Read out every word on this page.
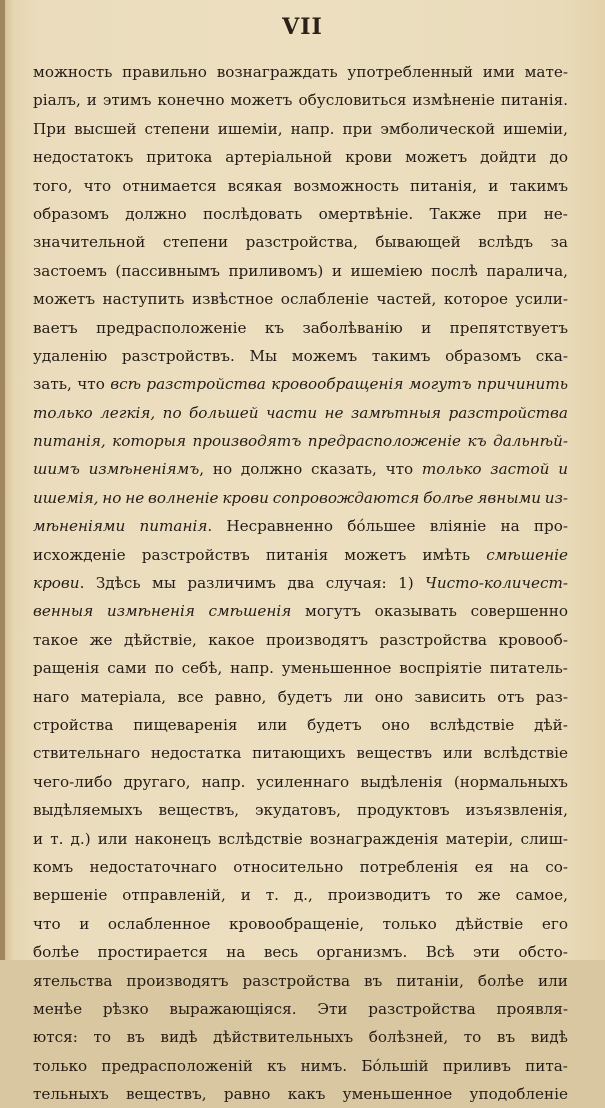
VII
можность правильно вознаграждать употребленный ими мате-
ріалъ, и этимъ конечно можетъ обусловиться измѣненіе питанія.
При высшей степени ишеміи, напр. при эмболической ишеміи,
недостатокъ притока артеріальной крови можетъ дойдти до
того, что отнимается всякая возможность питанія, и такимъ
образомъ должно послѣдовать омертвѣніе. Также при не-
значительной степени разстройства, бывающей вслѣдъ за
застоемъ (пассивнымъ приливомъ) и ишеміею послѣ паралича,
можетъ наступить извѣстное ослабленіе частей, которое усили-
ваетъ предрасположеніе къ заболѣванію и препятствуетъ
удаленію разстройствъ. Мы можемъ такимъ образомъ ска-
зать, что всѣ разстройства кровообращенія могутъ причинить
только легкія, по большей части не замѣтныя разстройства
питанія, которыя производятъ предрасположеніе къ дальнѣй-
шимъ измѣненіямъ, но должно сказать, что только застой и
ишемія, но не волненіе крови сопровождаются болѣе явными из-
мѣненіями питанія. Несравненно бóльшее вліяніе на про-
исхожденіе разстройствъ питанія можетъ имѣть смѣшеніе
крови. Здѣсь мы различимъ два случая: 1) Чисто-количест-
венныя измѣненія смѣшенія могутъ оказывать совершенно
такое же дѣйствіе, какое производятъ разстройства кровооб-
ращенія сами по себѣ, напр. уменьшенное воспріятіе питатель-
наго матеріала, все равно, будетъ ли оно зависить отъ раз-
стройства пищеваренія или будетъ оно вслѣдствіе дѣй-
ствительнаго недостатка питающихъ веществъ или вслѣдствіе
чего-либо другаго, напр. усиленнаго выдѣленія (нормальныхъ
выдѣляемыхъ веществъ, экудатовъ, продуктовъ изъязвленія,
и т. д.) или наконецъ вслѣдствіе вознагражденія матеріи, слиш-
комъ недостаточнаго относительно потребленія ея на со-
вершеніе отправленій, и т. д., производитъ то же самое,
что и ослабленное кровообращеніе, только дѣйствіе его
болѣе простирается на весь организмъ. Всѣ эти обсто-
ятельства производятъ разстройства въ питаніи, болѣе или
менѣе рѣзко выражающіяся. Эти разстройства проявля-
ются: то въ видѣ дѣйствительныхъ болѣзней, то въ видѣ
только предрасположеній къ нимъ. Бóльшій приливъ пита-
тельныхъ веществъ, равно какъ уменьшенное уподобленіе
